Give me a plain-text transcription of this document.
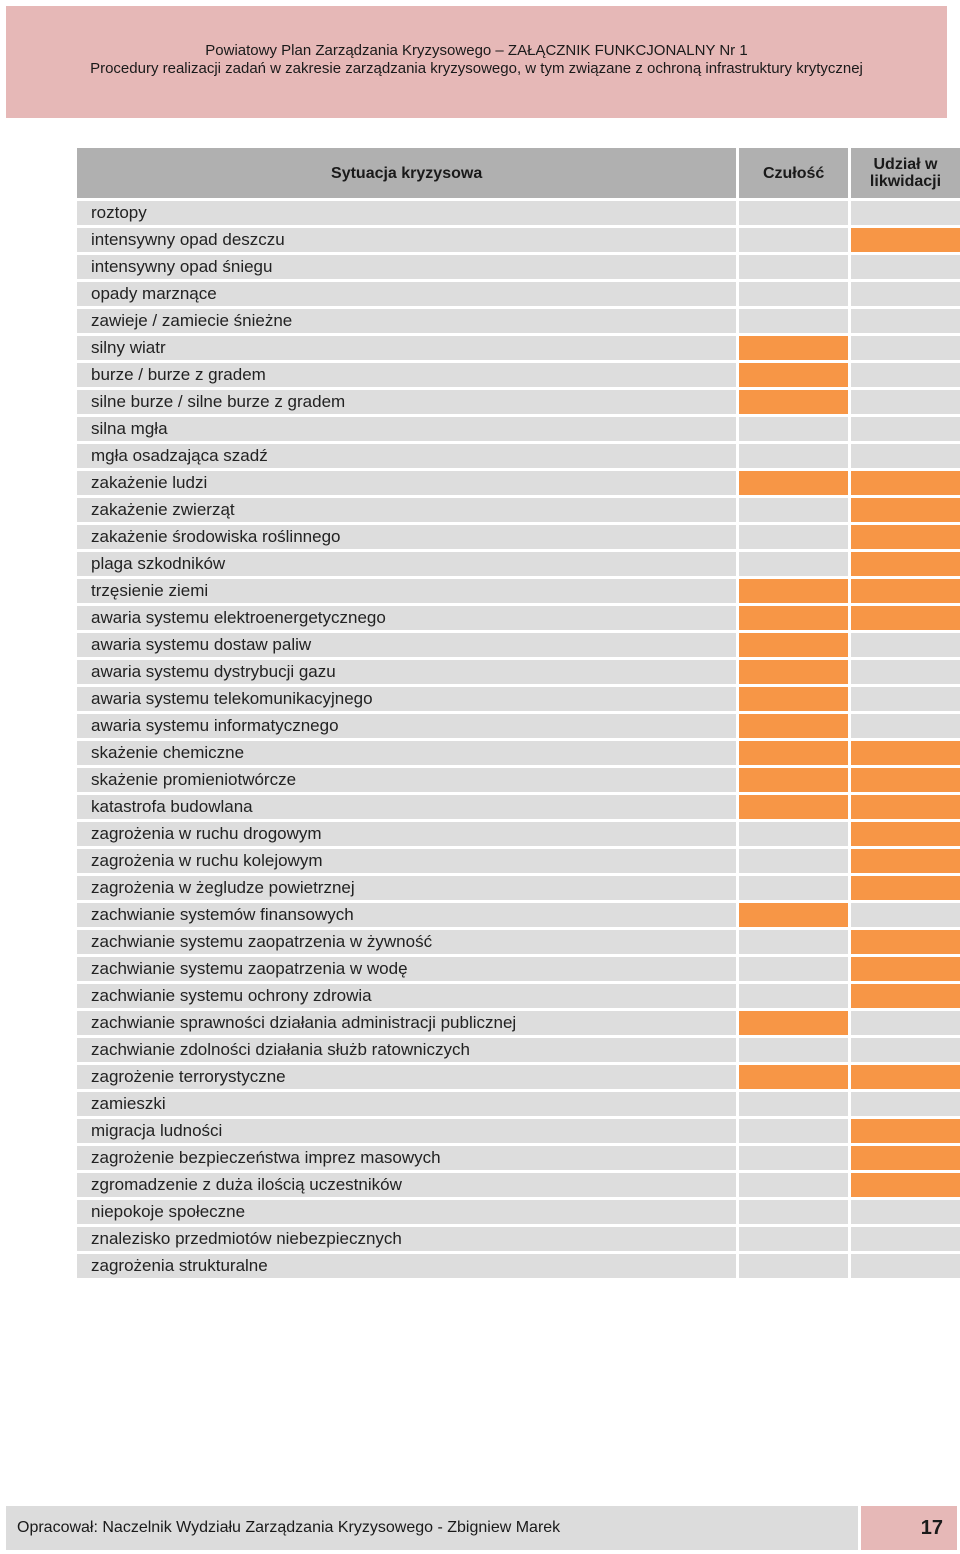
Powiatowy Plan Zarządzania Kryzysowego – ZAŁĄCZNIK FUNKCJONALNY Nr 1
Procedury realizacji zadań w zakresie zarządzania kryzysowego, w tym związane z ochroną infrastruktury krytycznej
Sytuacja kryzysowa	Czułość	Udział w
likwidacji
roztopy		
intensywny opad deszczu		
intensywny opad śniegu		
opady marznące		
zawieje / zamiecie śnieżne		
silny wiatr		
burze / burze z gradem		
silne burze / silne burze z gradem		
silna mgła		
mgła osadzająca szadź		
zakażenie ludzi		
zakażenie zwierząt		
zakażenie środowiska roślinnego		
plaga szkodników		
trzęsienie ziemi		
awaria systemu elektroenergetycznego		
awaria systemu dostaw paliw		
awaria systemu dystrybucji gazu		
awaria systemu telekomunikacyjnego		
awaria systemu informatycznego		
skażenie chemiczne		
skażenie promieniotwórcze		
katastrofa budowlana		
zagrożenia w ruchu drogowym		
zagrożenia w ruchu kolejowym		
zagrożenia w żegludze powietrznej		
zachwianie systemów finansowych		
zachwianie systemu zaopatrzenia w żywność		
zachwianie systemu zaopatrzenia w wodę		
zachwianie systemu ochrony zdrowia		
zachwianie sprawności działania administracji publicznej		
zachwianie zdolności działania służb ratowniczych		
zagrożenie terrorystyczne		
zamieszki		
migracja ludności		
zagrożenie bezpieczeństwa imprez masowych		
zgromadzenie z duża ilością uczestników		
niepokoje społeczne		
znalezisko przedmiotów niebezpiecznych		
zagrożenia strukturalne		
Opracował: Naczelnik Wydziału Zarządzania Kryzysowego - Zbigniew Marek	17
